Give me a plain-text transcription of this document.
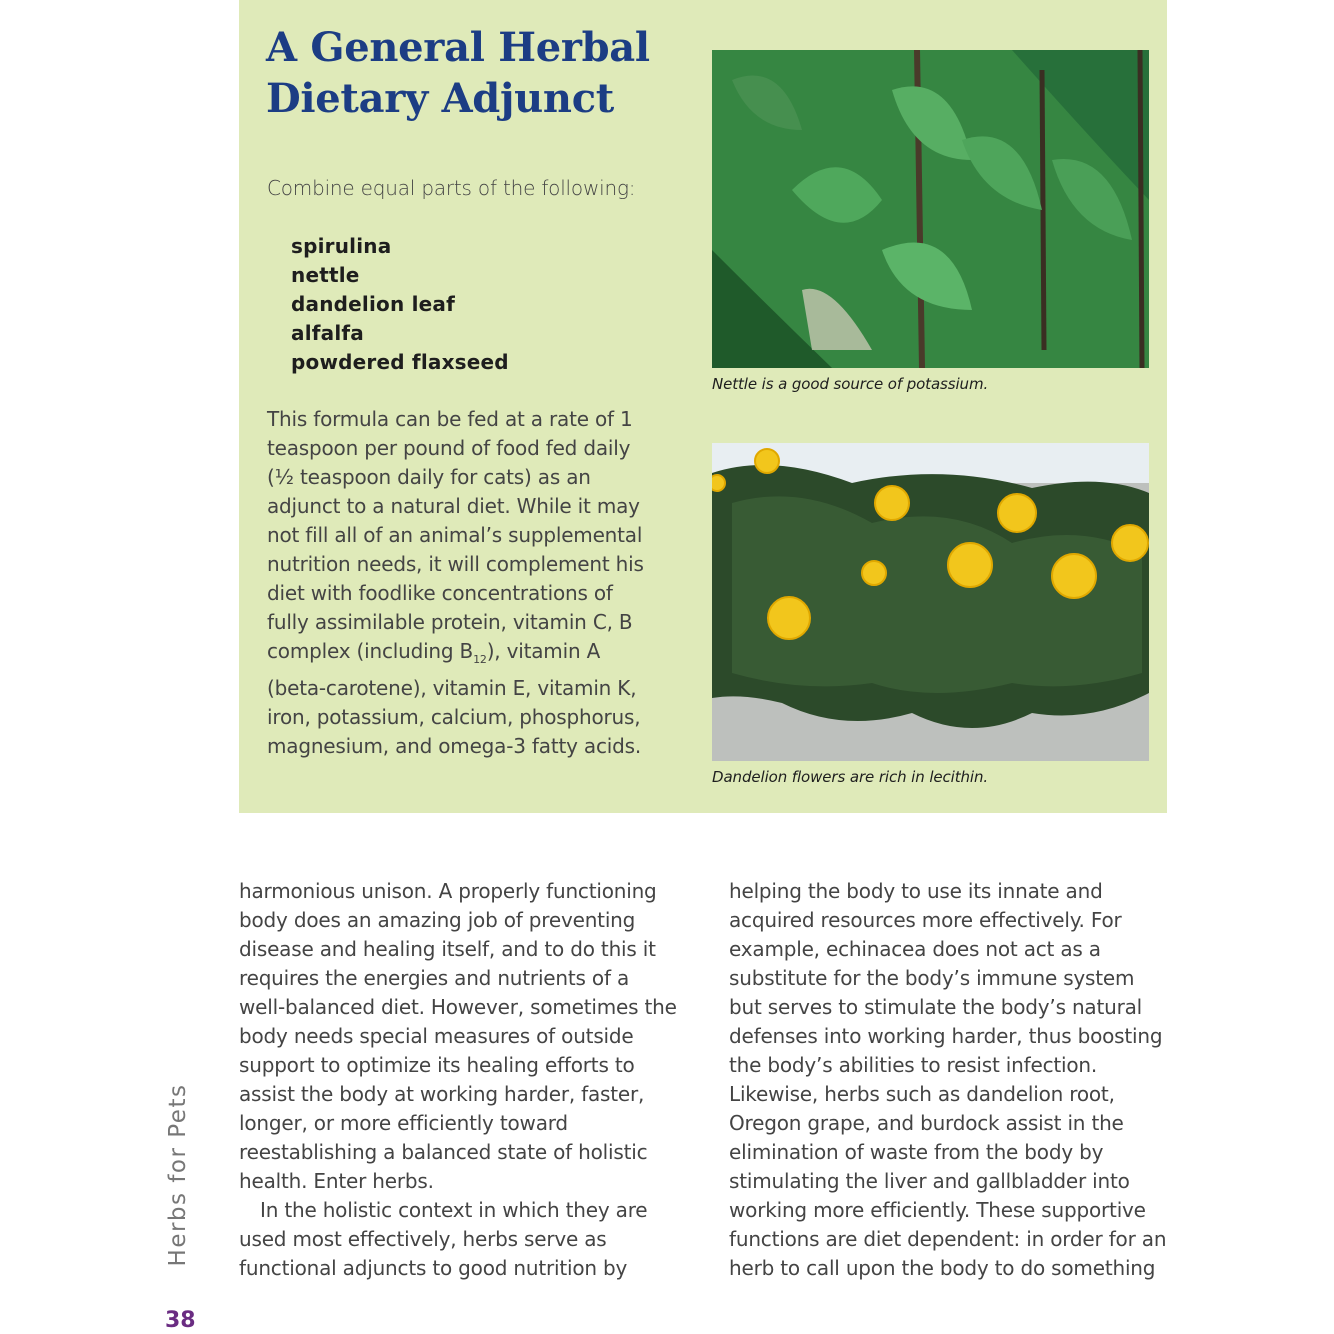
A General Herbal
Dietary Adjunct
Combine equal parts of the following:
spirulina
nettle
dandelion leaf
alfalfa
powdered flaxseed
This formula can be fed at a rate of 1 teaspoon per pound of food fed daily (½ teaspoon daily for cats) as an adjunct to a natural diet. While it may not fill all of an animal’s supplemental nutrition needs, it will complement his diet with foodlike concentrations of fully assimilable protein, vitamin C, B complex (including $B_{12}$), vitamin A (beta-carotene), vitamin E, vitamin K, iron, potassium, calcium, phosphorus, magnesium, and omega-3 fatty acids.
Nettle is a good source of potassium.
Dandelion flowers are rich in lecithin.

harmonious unison. A properly functioning body does an amazing job of preventing disease and healing itself, and to do this it requires the energies and nutrients of a well-balanced diet. However, sometimes the body needs special measures of outside support to optimize its healing efforts to assist the body at working harder, faster, longer, or more efficiently toward reestablishing a balanced state of holistic health. Enter herbs.

In the holistic context in which they are used most effectively, herbs serve as functional adjuncts to good nutrition by

helping the body to use its innate and acquired resources more effectively. For example, echinacea does not act as a substitute for the body’s immune system but serves to stimulate the body’s natural defenses into working harder, thus boosting the body’s abilities to resist infection. Likewise, herbs such as dandelion root, Oregon grape, and burdock assist in the elimination of waste from the body by stimulating the liver and gallbladder into working more efficiently. These supportive functions are diet dependent: in order for an herb to call upon the body to do something

Herbs for Pets
38
